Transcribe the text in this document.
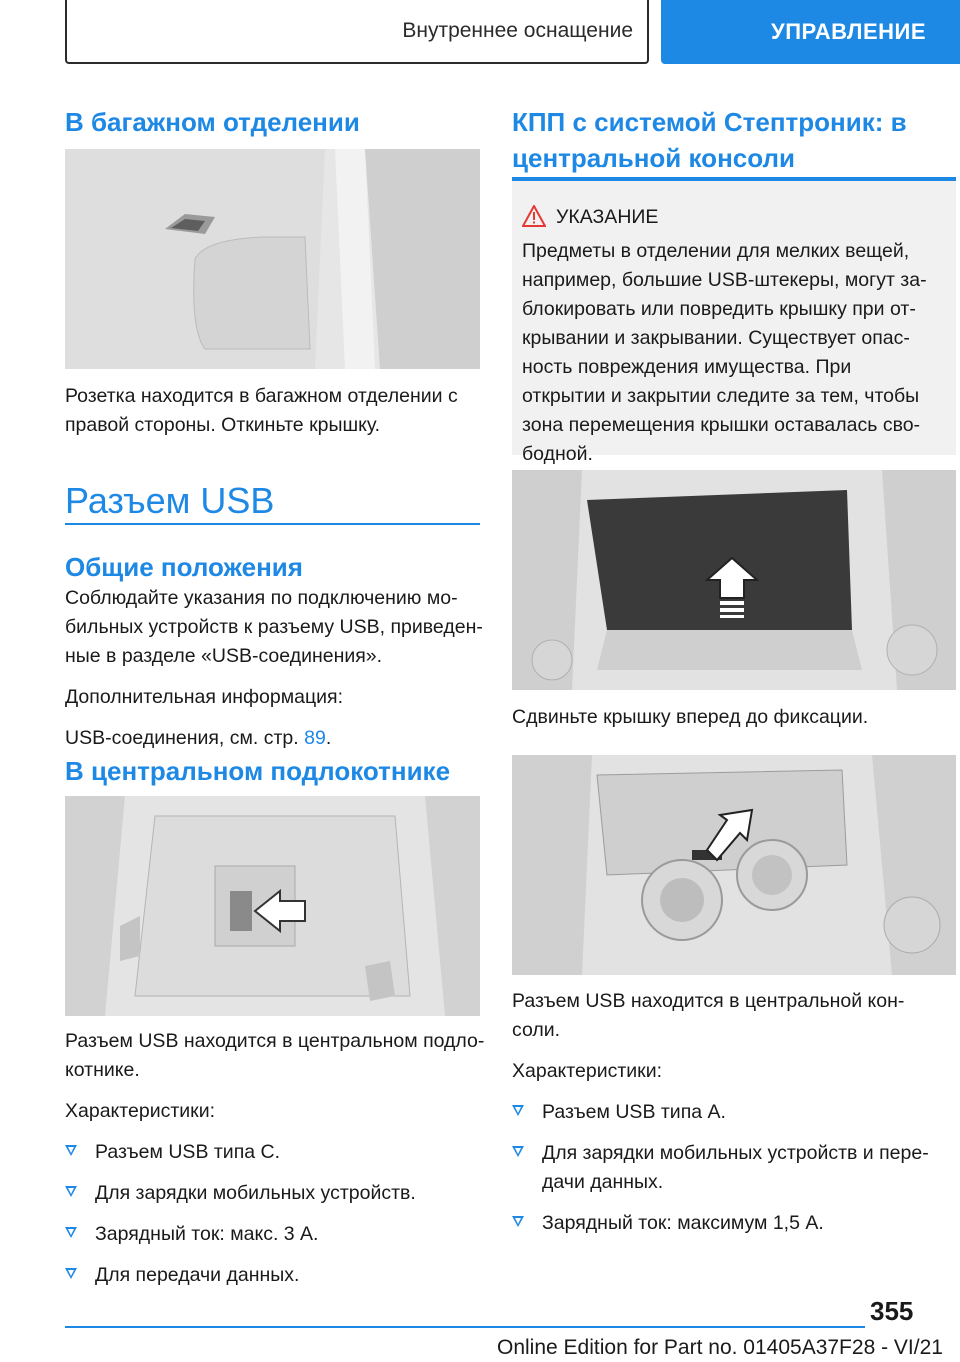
Внутреннее оснащение	УПРАВЛЕНИЕ
В багажном отделении
Розетка находится в багажном отделении с
правой стороны. Откиньте крышку.
Разъем USB
Общие положения
Соблюдайте указания по подключению мо-
бильных устройств к разъему USB, приведен-
ные в разделе «USB-соединения».
Дополнительная информация:
USB-соединения, см. стр. 89.
В центральном подлокотнике
Разъем USB находится в центральном подло-
котнике.
Характеристики:
Разъем USB типа С.
Для зарядки мобильных устройств.
Зарядный ток: макс. 3 A.
Для передачи данных.
КПП с системой Стептроник: в
центральной консоли
УКАЗАНИЕ
Предметы в отделении для мелких вещей,
например, большие USB-штекеры, могут за-
блокировать или повредить крышку при от-
крывании и закрывании. Существует опас-
ность повреждения имущества. При
открытии и закрытии следите за тем, чтобы
зона перемещения крышки оставалась сво-
бодной.
Сдвиньте крышку вперед до фиксации.
Разъем USB находится в центральной кон-
соли.
Характеристики:
Разъем USB типа А.
Для зарядки мобильных устройств и пере-
дачи данных.
Зарядный ток: максимум 1,5 A.
355
Online Edition for Part no. 01405A37F28 - VI/21
